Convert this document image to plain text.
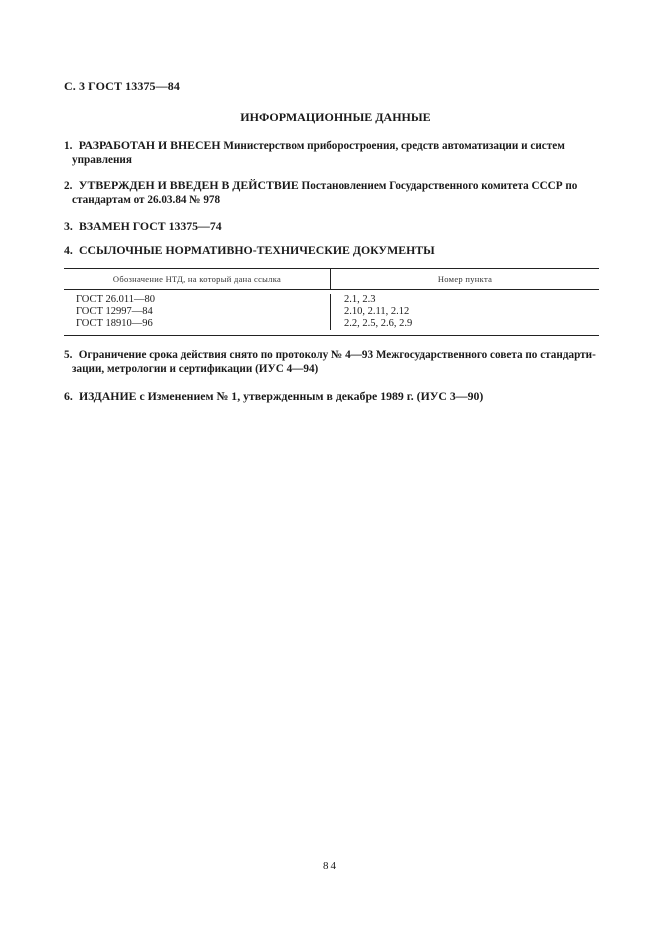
С. 3 ГОСТ 13375—84
ИНФОРМАЦИОННЫЕ ДАННЫЕ
1. РАЗРАБОТАН И ВНЕСЕН Министерством приборостроения, средств автоматизации и систем
управления
2. УТВЕРЖДЕН И ВВЕДЕН В ДЕЙСТВИЕ Постановлением Государственного комитета СССР по
стандартам от 26.03.84 № 978
3. ВЗАМЕН ГОСТ 13375—74
4. ССЫЛОЧНЫЕ НОРМАТИВНО-ТЕХНИЧЕСКИЕ ДОКУМЕНТЫ
Обозначение НТД, на который дана ссылка	Номер пункта
ГОСТ 26.011—80
ГОСТ 12997—84
ГОСТ 18910—96
2.1, 2.3
2.10, 2.11, 2.12
2.2, 2.5, 2.6, 2.9
5. Ограничение срока действия снято по протоколу № 4—93 Межгосударственного совета по стандарти-
зации, метрологии и сертификации (ИУС 4—94)
6. ИЗДАНИЕ с Изменением № 1, утвержденным в декабре 1989 г. (ИУС 3—90)
84
